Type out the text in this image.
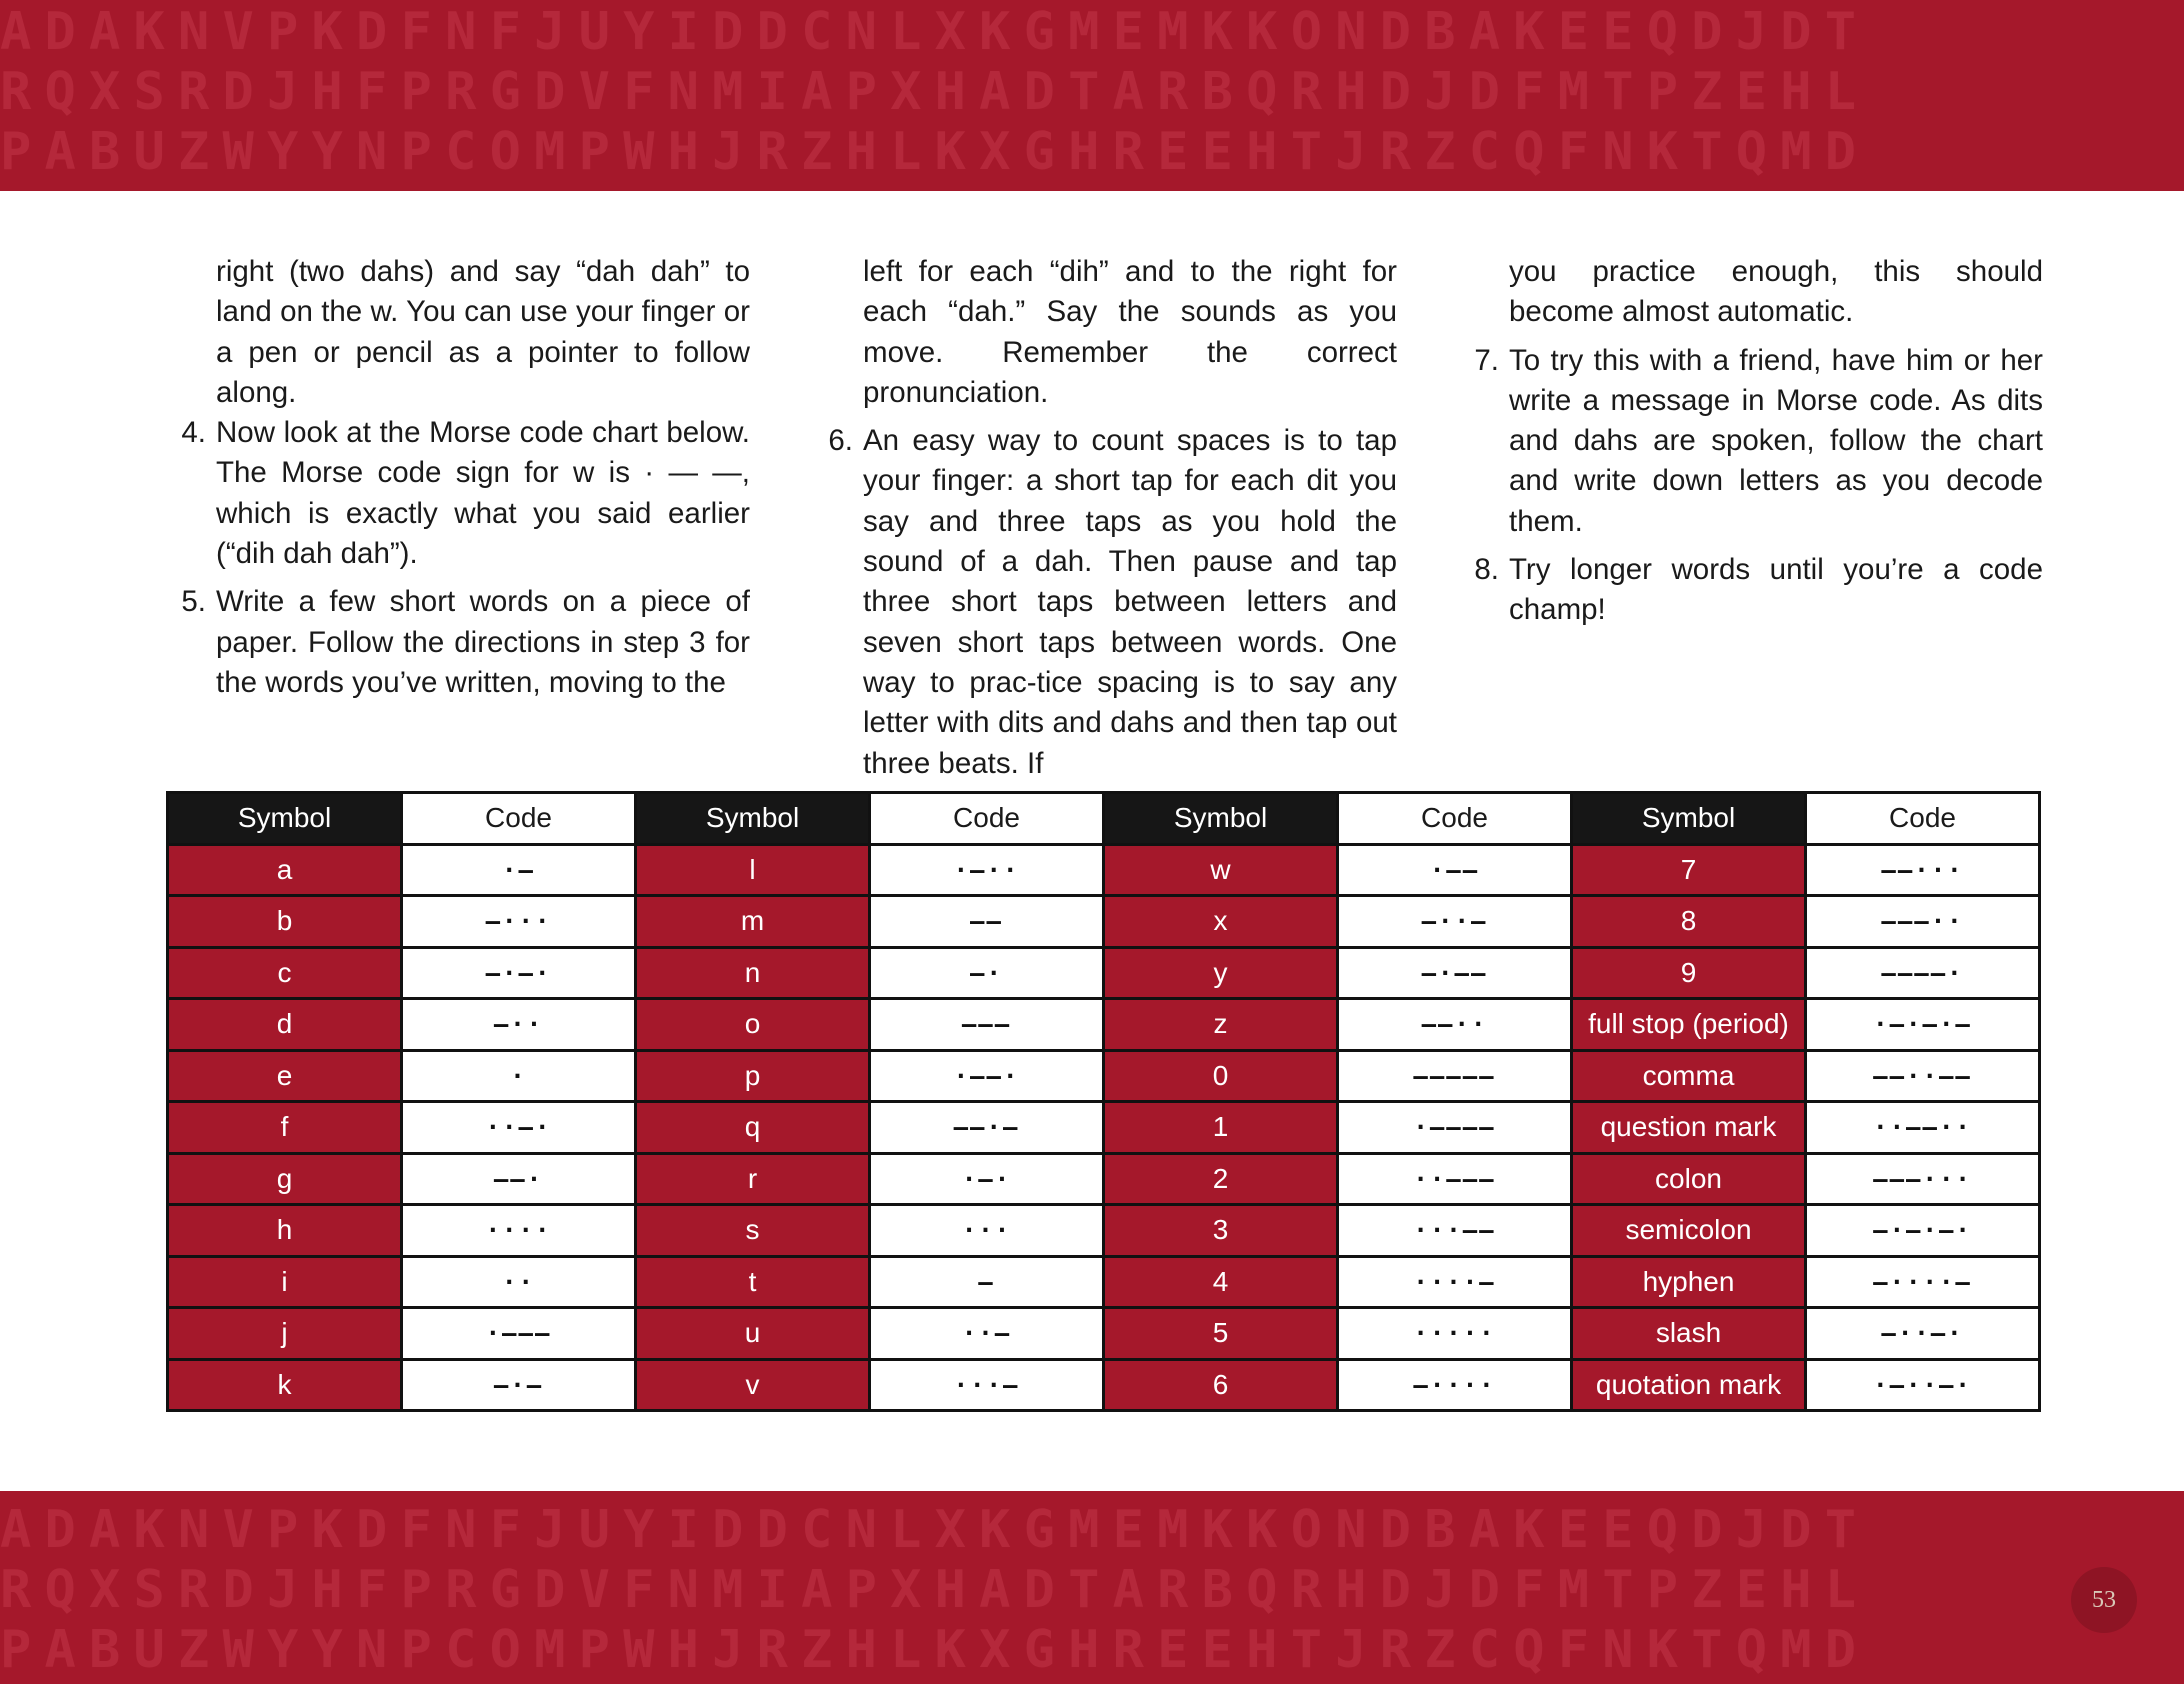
ADAKNVPKDFNFJUYIDDCNLXKGMEMKKONDBAKEEQDJDT
RQXSRDJHFPRGDVFNMIAPXHADTARBQRHDJDFMTPZEHL
PABUZWYYNPCOMPWHJRZHLKXGHREEHTJRZCQFNKTQMD
ADAKNVPKDFNFJUYIDDCNLXKGMEMKKONDBAKEEQDJDT
RQXSRDJHFPRGDVFNMIAPXHADTARBQRHDJDFMTPZEHL
PABUZWYYNPCOMPWHJRZHLKXGHREEHTJRZCQFNKTQMD
53

right (two dahs) and say “dah dah” to land on the w. You can use your finger or a pen or pencil as a pointer to follow along.

4. Now look at the Morse code chart below. The Morse code sign for w is · — —, which is exactly what you said earlier (“dih dah dah”).

5. Write a few short words on a piece of paper. Follow the directions in step 3 for the words you’ve written, moving to the

left for each “dih” and to the right for each “dah.” Say the sounds as you move. Remember the correct pronunciation.

6. An easy way to count spaces is to tap your finger: a short tap for each dit you say and three taps as you hold the sound of a dah. Then pause and tap three short taps between letters and seven short taps between words. One way to prac-tice spacing is to say any letter with dits and dahs and then tap out three beats. If

you practice enough, this should become almost automatic.

7. To try this with a friend, have him or her write a message in Morse code. As dits and dahs are spoken, follow the chart and write down letters as you decode them.

8. Try longer words until you’re a code champ!

Symbol	Code	Symbol	Code	Symbol	Code	Symbol	Code
a	·—	l	·—··	w	·——	7	——···
b	—···	m	——	x	—··—	8	———··
c	—·—·	n	—·	y	—·——	9	————·
d	—··	o	———	z	——··	full stop (period)	·—·—·—
e	·	p	·——·	0	—————	comma	——··——
f	··—·	q	——·—	1	·————	question mark	··——··
g	——·	r	·—·	2	··———	colon	———···
h	····	s	···	3	···——	semicolon	—·—·—·
i	··	t	—	4	····—	hyphen	—····—
j	·———	u	··—	5	·····	slash	—··—·
k	—·—	v	···—	6	—····	quotation mark	·—··—·
